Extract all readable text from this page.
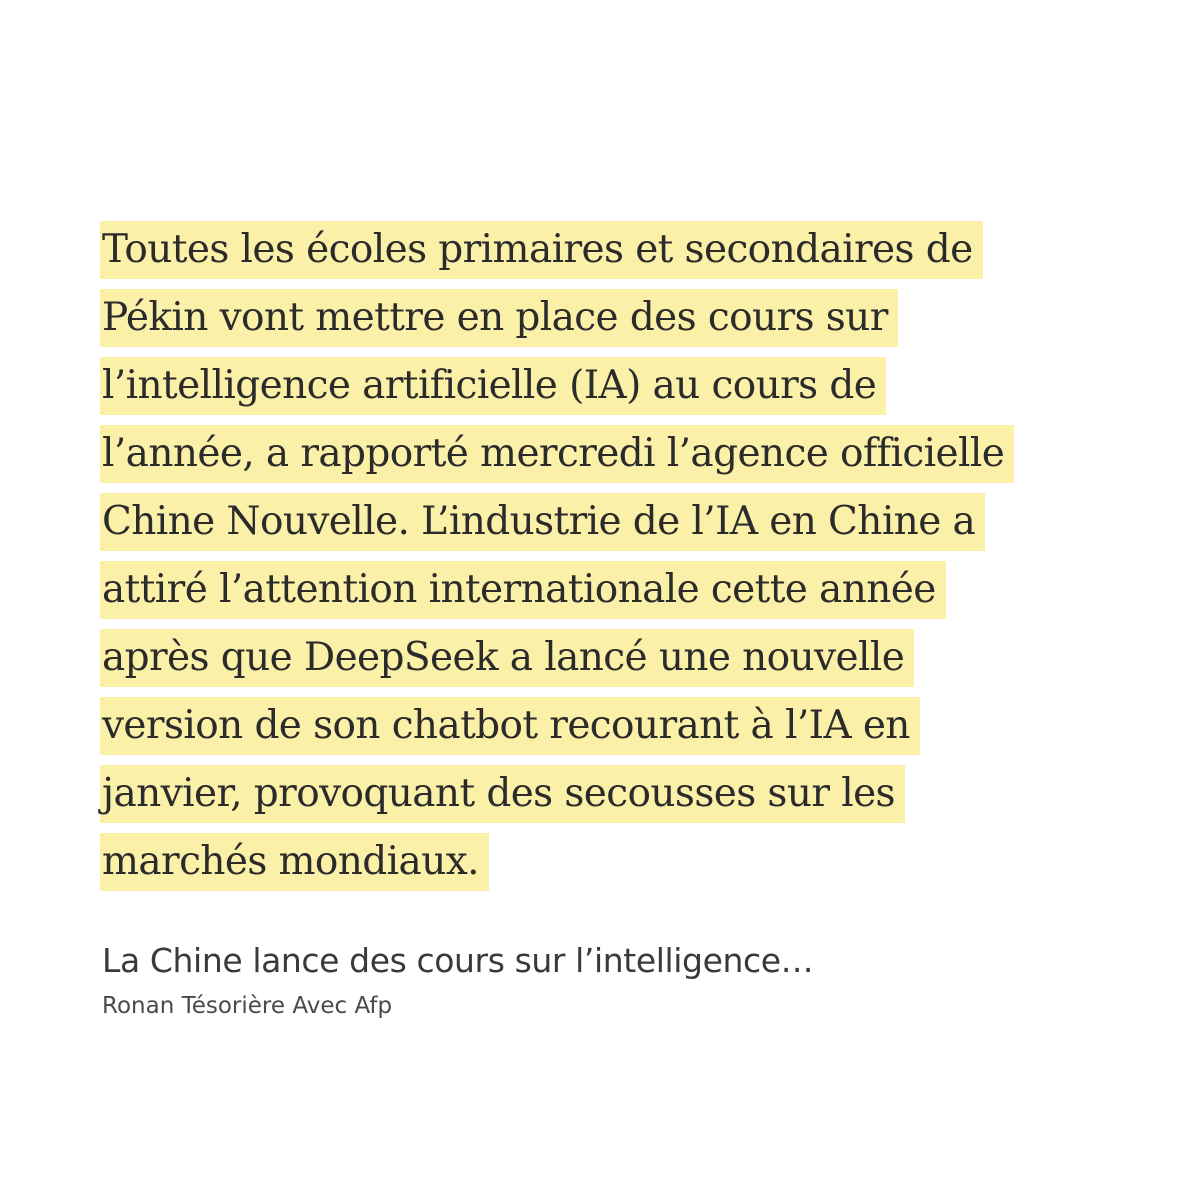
Toutes les écoles primaires et secondaires de
Pékin vont mettre en place des cours sur
l’intelligence artificielle (IA) au cours de
l’année, a rapporté mercredi l’agence officielle
Chine Nouvelle. L’industrie de l’IA en Chine a
attiré l’attention internationale cette année
après que DeepSeek a lancé une nouvelle
version de son chatbot recourant à l’IA en
janvier, provoquant des secousses sur les
marchés mondiaux.
La Chine lance des cours sur l’intelligence…
Ronan Tésorière Avec Afp
